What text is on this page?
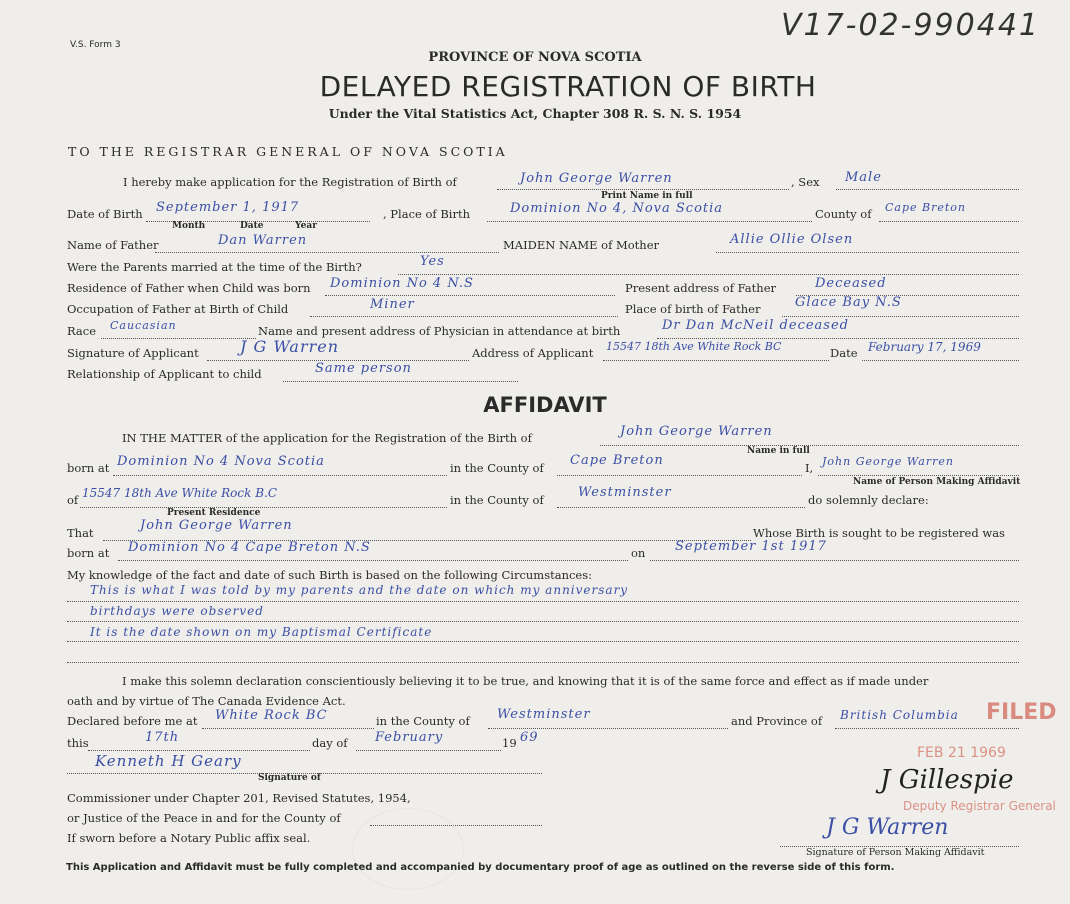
V.S. Form 3
V17-02-990441
PROVINCE OF NOVA SCOTIA
DELAYED REGISTRATION OF BIRTH
Under the Vital Statistics Act, Chapter 308 R. S. N. S. 1954
TO THE REGISTRAR GENERAL OF NOVA SCOTIA
I hereby make application for the Registration of Birth of	John George Warren
Print Name in full
, Sex Male
Date of Birth September 1, 1917
Month	Date	Year
, Place of Birth	Dominion No 4, Nova Scotia	County of Cape Breton
Name of Father	Dan Warren	MAIDEN NAME of Mother	Allie Ollie Olsen
Were the Parents married at the time of the Birth?	Yes
Residence of Father when Child was born Dominion No 4 N.S	Present address of Father	Deceased
Occupation of Father at Birth of Child	Miner	Place of birth of Father	Glace Bay N.S
Race Caucasian	Name and present address of Physician in attendance at birth	Dr Dan McNeil deceased
Signature of Applicant	J G Warren	Address of Applicant 15547 18th Ave White Rock BC	Date February 17, 1969
Relationship of Applicant to child	Same person
AFFIDAVIT
IN THE MATTER of the application for the Registration of the Birth of	John George Warren
Name in full
born at Dominion No 4 Nova Scotia	in the County of Cape Breton	I, John George Warren
Name of Person Making Affidavit
of 15547 18th Ave White Rock B.C
Present Residence
in the County of	Westminster	do solemnly declare:
That	John George Warren	Whose Birth is sought to be registered was
born at Dominion No 4 Cape Breton N.S	on September 1st 1917
My knowledge of the fact and date of such Birth is based on the following Circumstances:
This is what I was told by my parents and the date on which my anniversary
birthdays were observed
It is the date shown on my Baptismal Certificate
I make this solemn declaration conscientiously believing it to be true, and knowing that it is of the same force and effect as if made under
oath and by virtue of The Canada Evidence Act.
Declared before me at White Rock BC	in the County of Westminster	and Province of British Columbia
this	17th	day of February	19 69
Kenneth H Geary
Signature of
Commissioner under Chapter 201, Revised Statutes, 1954,
or Justice of the Peace in and for the County of
If sworn before a Notary Public affix seal.
FILED
FEB 21 1969
J Gillespie
Deputy Registrar General
J G Warren
Signature of Person Making Affidavit
This Application and Affidavit must be fully completed and accompanied by documentary proof of age as outlined on the reverse side of this form.
